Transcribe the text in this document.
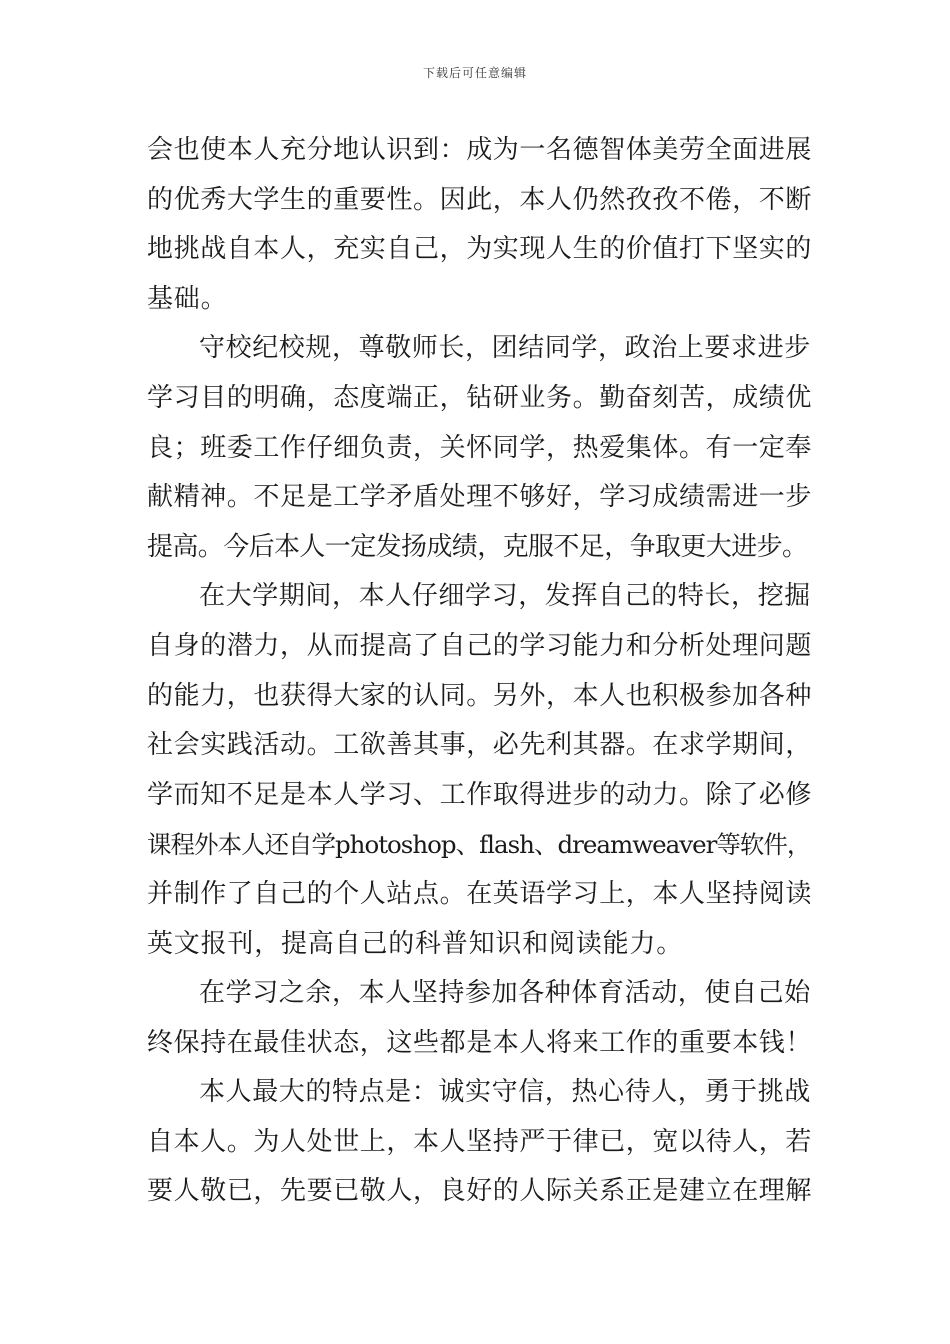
下载后可任意编辑
会也使本人充分地认识到：成为一名德智体美劳全面进展
的优秀大学生的重要性。因此，本人仍然孜孜不倦，不断
地挑战自本人，充实自己，为实现人生的价值打下坚实的
基础。
守校纪校规，尊敬师长，团结同学，政治上要求进步
学习目的明确，态度端正，钻研业务。勤奋刻苦，成绩优
良；班委工作仔细负责，关怀同学，热爱集体。有一定奉
献精神。不足是工学矛盾处理不够好，学习成绩需进一步
提高。今后本人一定发扬成绩，克服不足，争取更大进步。
在大学期间，本人仔细学习，发挥自己的特长，挖掘
自身的潜力，从而提高了自己的学习能力和分析处理问题
的能力，也获得大家的认同。另外，本人也积极参加各种
社会实践活动。工欲善其事，必先利其器。在求学期间，
学而知不足是本人学习、工作取得进步的动力。除了必修
课程外本人还自学photoshop、flash、dreamweaver等软件，
并制作了自己的个人站点。在英语学习上，本人坚持阅读
英文报刊，提高自己的科普知识和阅读能力。
在学习之余，本人坚持参加各种体育活动，使自己始
终保持在最佳状态，这些都是本人将来工作的重要本钱！
本人最大的特点是：诚实守信，热心待人，勇于挑战
自本人。为人处世上，本人坚持严于律已，宽以待人，若
要人敬已，先要已敬人，良好的人际关系正是建立在理解
